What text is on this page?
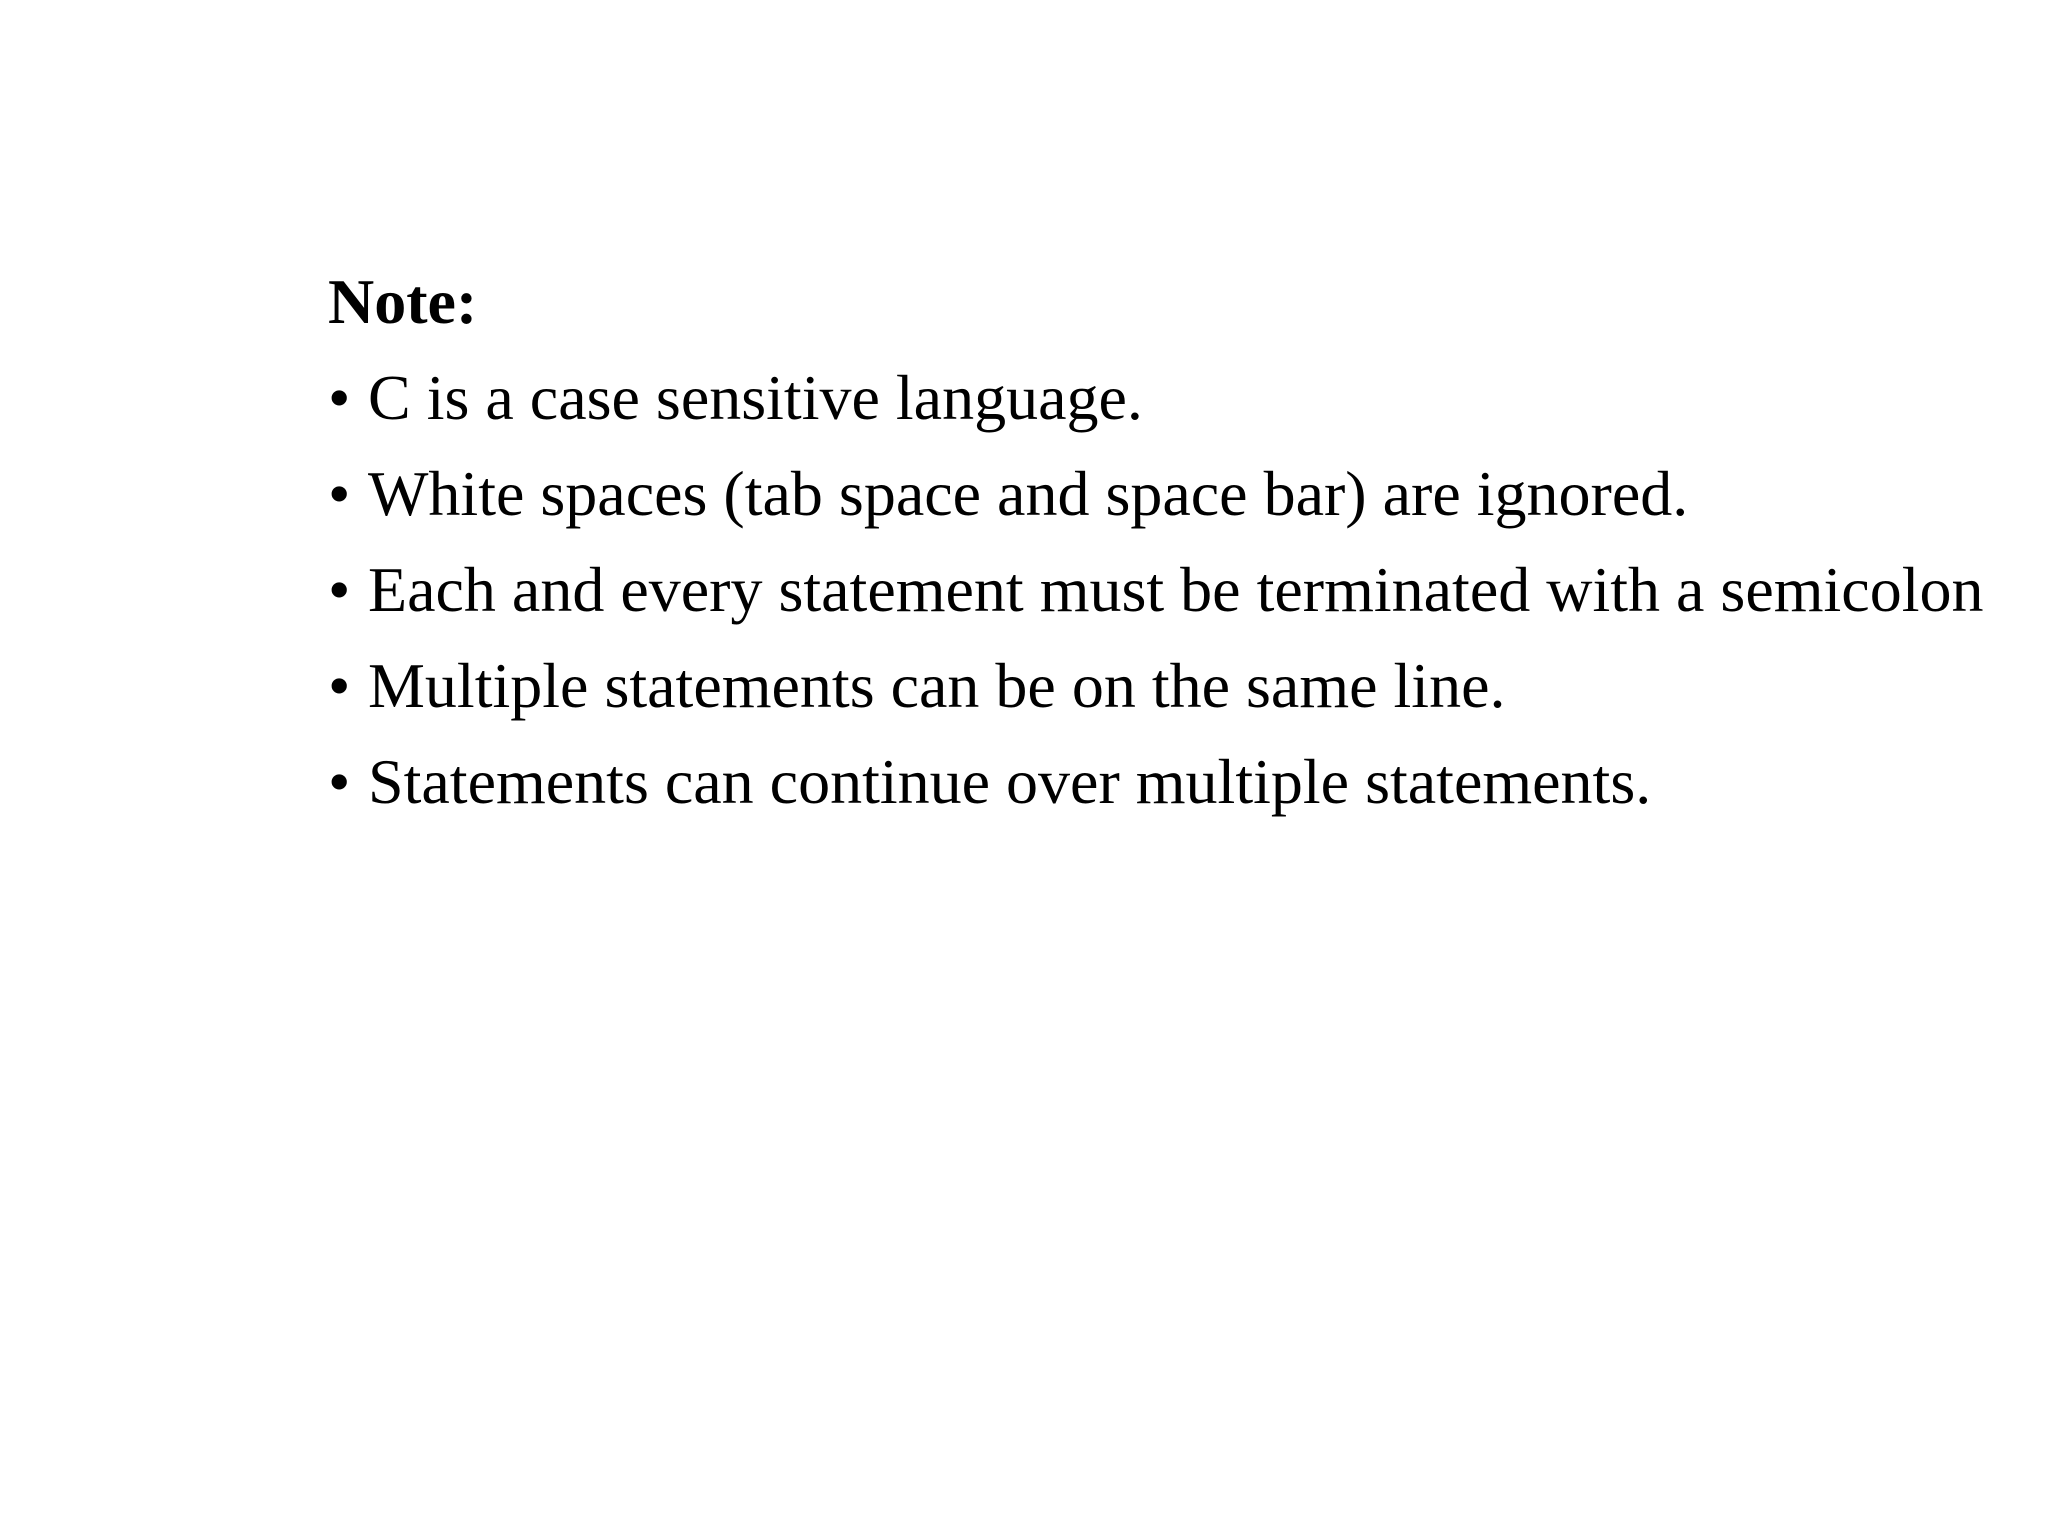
Note:
• C is a case sensitive language.
• White spaces (tab space and space bar) are ignored.
• Each and every statement must be terminated with a semicolon
• Multiple statements can be on the same line.
• Statements can continue over multiple statements.
